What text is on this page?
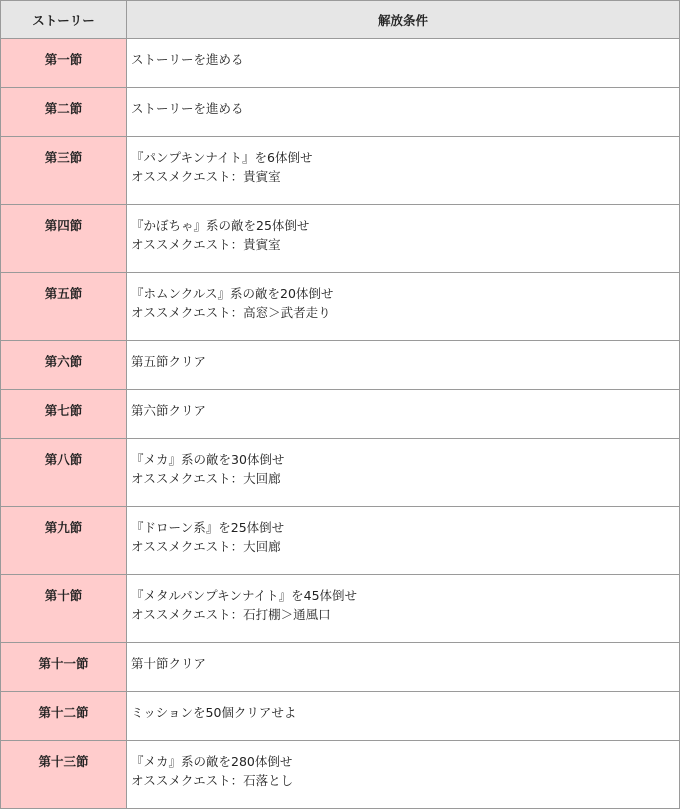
ストーリー	解放条件
第一節	ストーリーを進める

第二節	ストーリーを進める

第三節	『パンプキンナイト』を6体倒せ
オススメクエスト：貴賓室

第四節	『かぼちゃ』系の敵を25体倒せ
オススメクエスト：貴賓室

第五節	『ホムンクルス』系の敵を20体倒せ
オススメクエスト：高窓＞武者走り

第六節	第五節クリア

第七節	第六節クリア

第八節	『メカ』系の敵を30体倒せ
オススメクエスト：大回廊

第九節	『ドローン系』を25体倒せ
オススメクエスト：大回廊

第十節	『メタルパンプキンナイト』を45体倒せ
オススメクエスト：石打棚＞通風口

第十一節	第十節クリア

第十二節	ミッションを50個クリアせよ

第十三節	『メカ』系の敵を280体倒せ
オススメクエスト：石落とし
